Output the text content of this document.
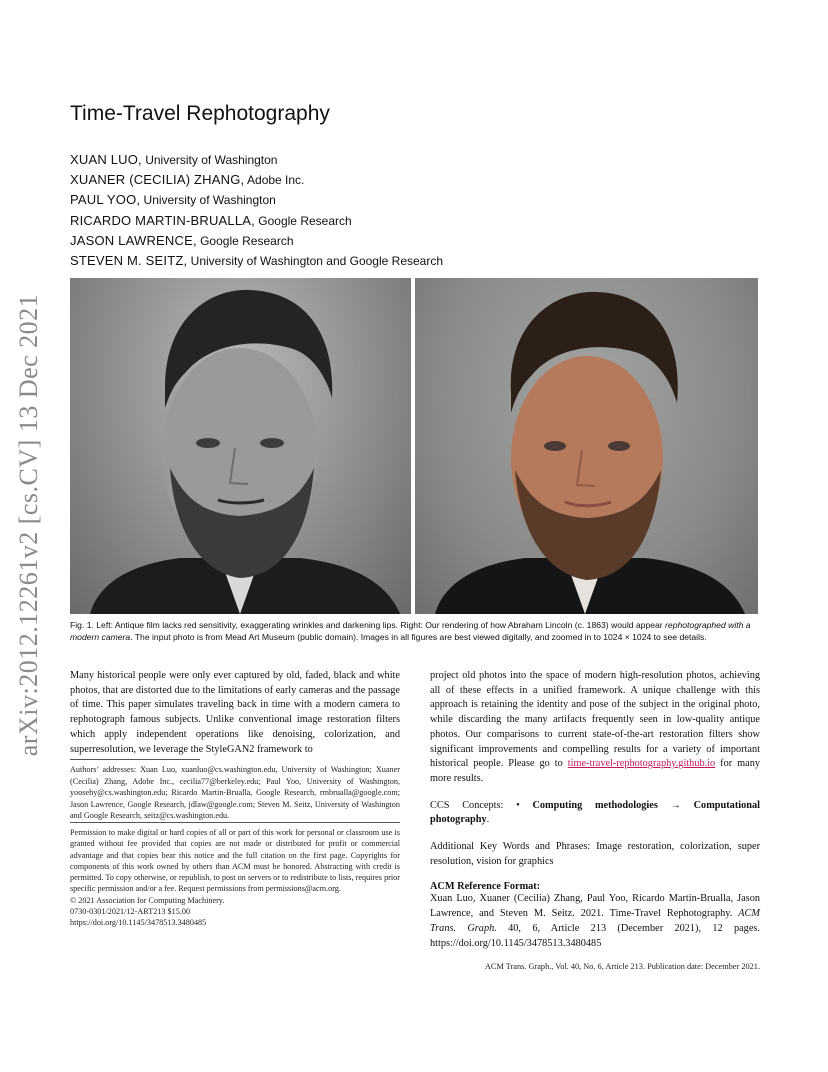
arXiv:2012.12261v2 [cs.CV] 13 Dec 2021
Time-Travel Rephotography
XUAN LUO, University of Washington
XUANER (CECILIA) ZHANG, Adobe Inc.
PAUL YOO, University of Washington
RICARDO MARTIN-BRUALLA, Google Research
JASON LAWRENCE, Google Research
STEVEN M. SEITZ, University of Washington and Google Research
Fig. 1. Left: Antique film lacks red sensitivity, exaggerating wrinkles and darkening lips. Right: Our rendering of how Abraham Lincoln (c. 1863) would appear rephotographed with a modern camera. The input photo is from Mead Art Museum (public domain). Images in all figures are best viewed digitally, and zoomed in to 1024 × 1024 to see details.
Many historical people were only ever captured by old, faded, black and white photos, that are distorted due to the limitations of early cameras and the passage of time. This paper simulates traveling back in time with a modern camera to rephotograph famous subjects. Unlike conventional image restoration filters which apply independent operations like denoising, colorization, and superresolution, we leverage the StyleGAN2 framework to
Authors’ addresses: Xuan Luo, xuanluo@cs.washington.edu, University of Washington; Xuaner (Cecilia) Zhang, Adobe Inc., cecilia77@berkeley.edu; Paul Yoo, University of Washington, yoosehy@cs.washington.edu; Ricardo Martin-Brualla, Google Research, rmbrualla@google.com; Jason Lawrence, Google Research, jdlaw@google.com; Steven M. Seitz, University of Washington and Google Research, seitz@cs.washington.edu.
Permission to make digital or hard copies of all or part of this work for personal or classroom use is granted without fee provided that copies are not made or distributed for profit or commercial advantage and that copies bear this notice and the full citation on the first page. Copyrights for components of this work owned by others than ACM must be honored. Abstracting with credit is permitted. To copy otherwise, or republish, to post on servers or to redistribute to lists, requires prior specific permission and/or a fee. Request permissions from permissions@acm.org.
© 2021 Association for Computing Machinery.
0730-0301/2021/12-ART213 $15.00
https://doi.org/10.1145/3478513.3480485
project old photos into the space of modern high-resolution photos, achieving all of these effects in a unified framework. A unique challenge with this approach is retaining the identity and pose of the subject in the original photo, while discarding the many artifacts frequently seen in low-quality antique photos. Our comparisons to current state-of-the-art restoration filters show significant improvements and compelling results for a variety of important historical people. Please go to time-travel-rephotography.github.io for many more results.
CCS Concepts: • Computing methodologies → Computational photography.
Additional Key Words and Phrases: Image restoration, colorization, super resolution, vision for graphics
ACM Reference Format:
Xuan Luo, Xuaner (Cecilia) Zhang, Paul Yoo, Ricardo Martin-Brualla, Jason Lawrence, and Steven M. Seitz. 2021. Time-Travel Rephotography. ACM Trans. Graph. 40, 6, Article 213 (December 2021), 12 pages. https://doi.org/10.1145/3478513.3480485
ACM Trans. Graph., Vol. 40, No. 6, Article 213. Publication date: December 2021.
